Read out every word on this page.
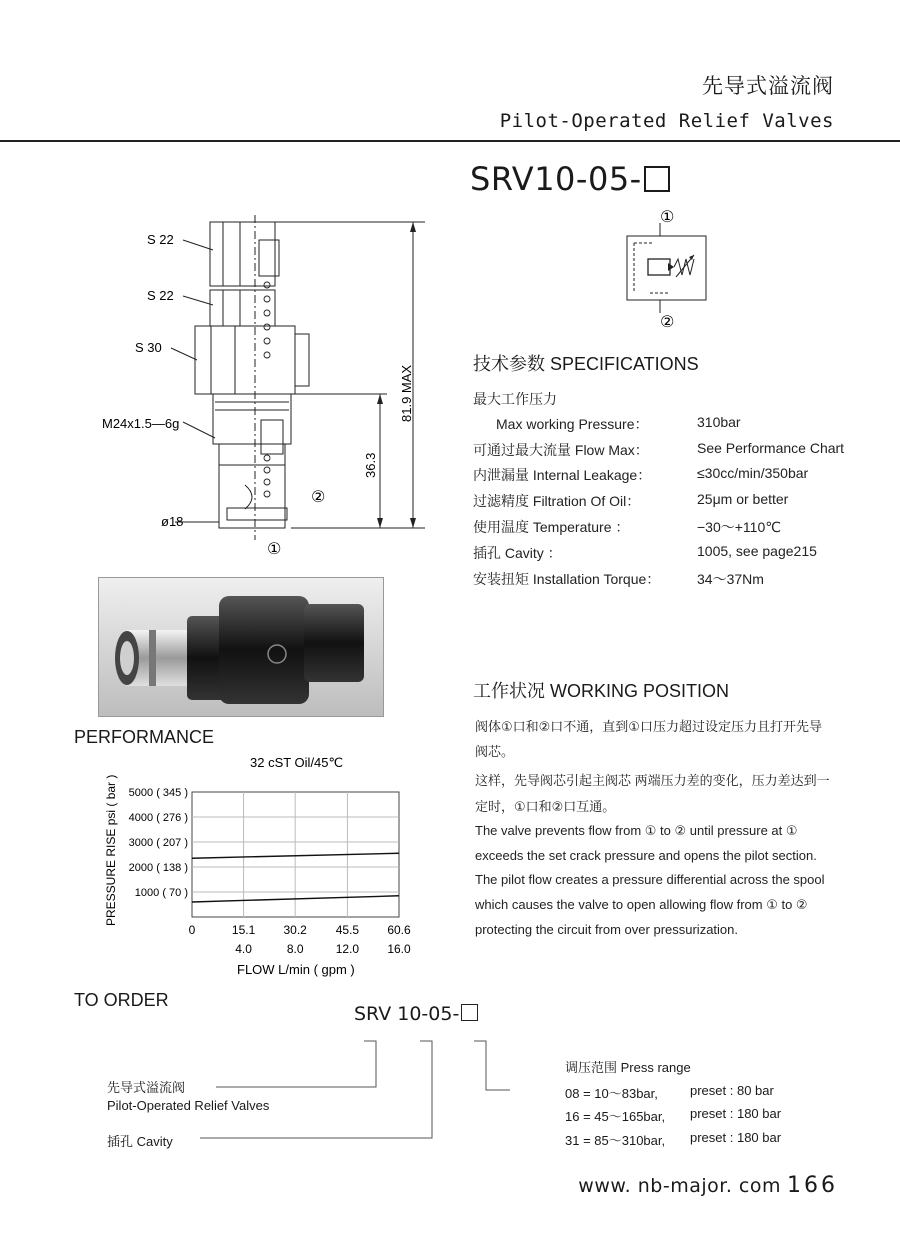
先导式溢流阀
Pilot-Operated Relief Valves
SRV10-05-
①
②
S 22
S 22
S 30
M24x1.5—6g
ø18
81.9 MAX
36.3
②
①
技术参数 SPECIFICATIONS
最大工作压力
Max working Pressure：	310bar
可通过最大流量 Flow Max：	See Performance Chart
内泄漏量 Internal Leakage：	≤30cc/min/350bar
过滤精度 Filtration Of Oil：	25μm or better
使用温度 Temperature ：	−30～+110℃
插孔 Cavity ：	1005, see page215
安装扭矩 Installation Torque：	34～37Nm
工作状况 WORKING POSITION
阀体①口和②口不通，直到①口压力超过设定压力且打开先导
阀芯。
这样，先导阀芯引起主阀芯 两端压力差的变化，压力差达到一
定时，①口和②口互通。
The valve prevents flow from ① to ② until pressure at ①
exceeds the set crack pressure and opens the pilot section.
The pilot flow creates a pressure differential across the spool
which causes the valve to open allowing flow from ① to ②
protecting the circuit from over pressurization.
PERFORMANCE
32 cST Oil/45℃
PRESSURE RISE psi ( bar )
FLOW L/min ( gpm )
0	15.1 30.2 45.5 60.6
4.0	8.0	12.0 16.0
1000 ( 70 )
2000 ( 138 )
3000 ( 207 )
4000 ( 276 )
5000 ( 345 )
TO ORDER
SRV 10-05-
先导式溢流阀
Pilot-Operated Relief Valves
插孔 Cavity
调压范围 Press range
08 = 10～83bar, preset : 80 bar
16 = 45～165bar, preset : 180 bar
31 = 85～310bar, preset : 180 bar
www. nb-major. com 166
